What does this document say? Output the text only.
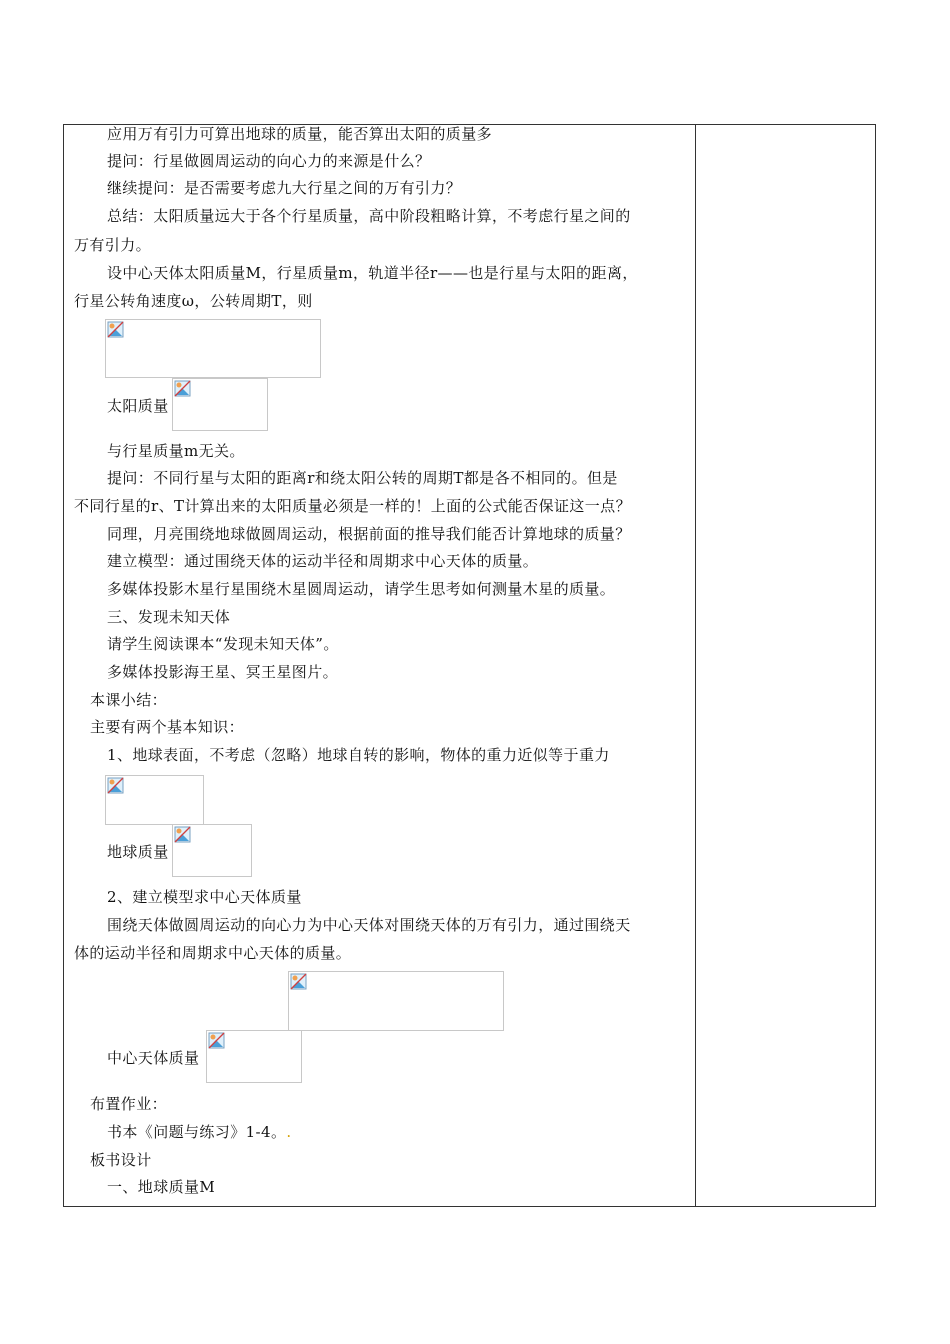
应用万有引力可算出地球的质量，能否算出太阳的质量多
提问：行星做圆周运动的向心力的来源是什么？
继续提问：是否需要考虑九大行星之间的万有引力？
总结：太阳质量远大于各个行星质量，高中阶段粗略计算，不考虑行星之间的
万有引力。
设中心天体太阳质量M，行星质量m，轨道半径r——也是行星与太阳的距离，
行星公转角速度ω，公转周期T，则
太阳质量
与行星质量m无关。
提问：不同行星与太阳的距离r和绕太阳公转的周期T都是各不相同的。但是
不同行星的r、T计算出来的太阳质量必须是一样的！上面的公式能否保证这一点？
同理，月亮围绕地球做圆周运动，根据前面的推导我们能否计算地球的质量？
建立模型：通过围绕天体的运动半径和周期求中心天体的质量。
多媒体投影木星行星围绕木星圆周运动，请学生思考如何测量木星的质量。
三、发现未知天体
请学生阅读课本“发现未知天体”。
多媒体投影海王星、冥王星图片。
本课小结：
主要有两个基本知识：
1、地球表面，不考虑（忽略）地球自转的影响，物体的重力近似等于重力
地球质量
2、建立模型求中心天体质量
围绕天体做圆周运动的向心力为中心天体对围绕天体的万有引力，通过围绕天
体的运动半径和周期求中心天体的质量。
中心天体质量
布置作业：
书本《问题与练习》1-4。.
板书设计
一、地球质量M
